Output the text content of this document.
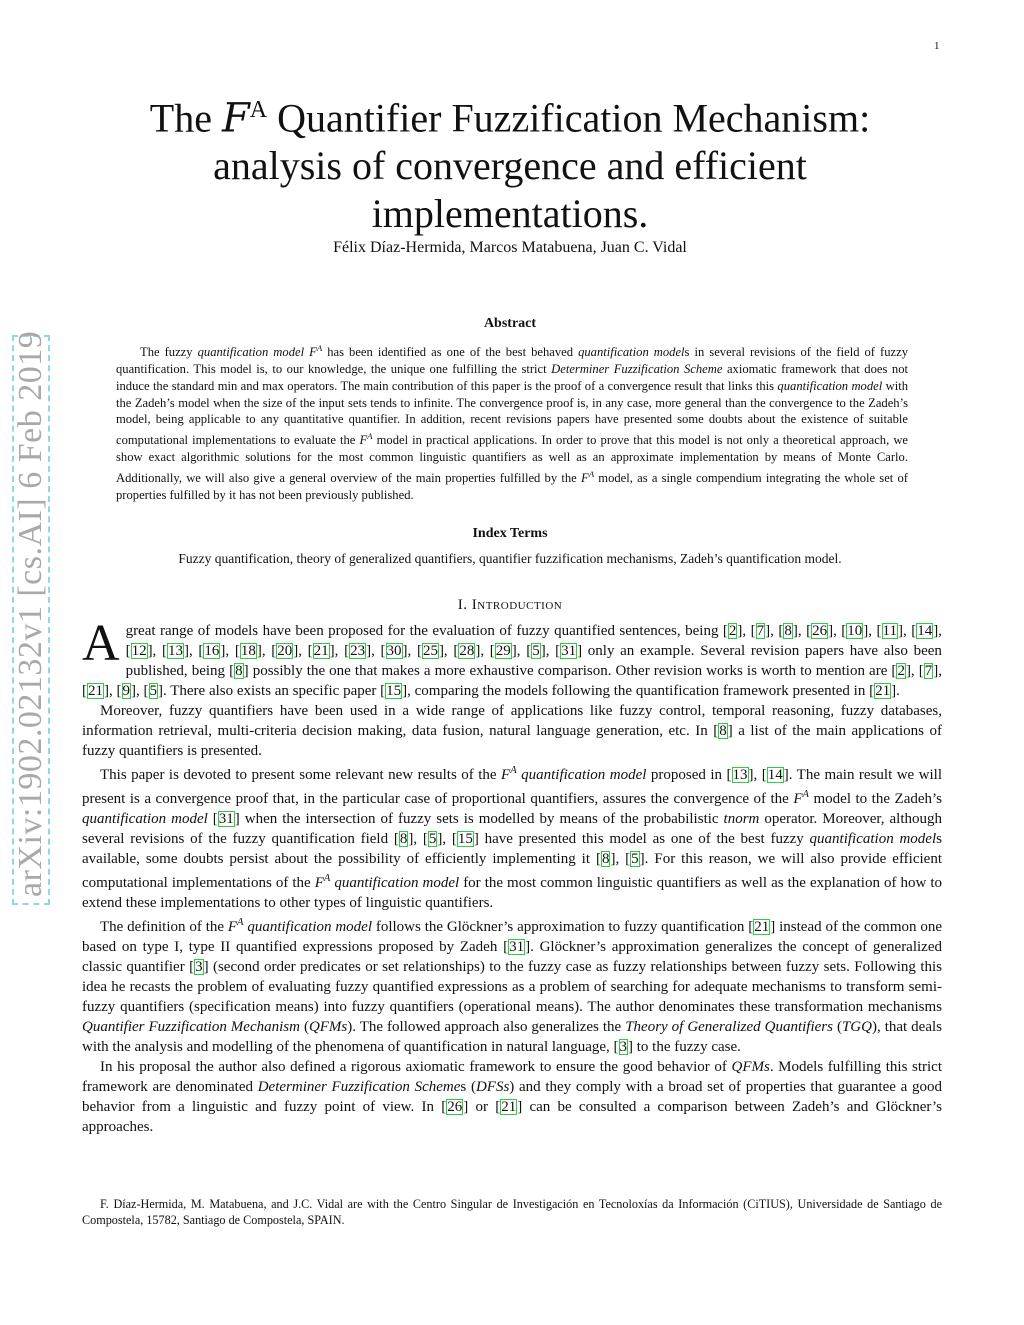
1
arXiv:1902.02132v1 [cs.AI] 6 Feb 2019
The $F^A$ Quantifier Fuzzification Mechanism: analysis of convergence and efficient implementations.
Félix Díaz-Hermida, Marcos Matabuena, Juan C. Vidal
Abstract

The fuzzy quantification model $F^A$ has been identified as one of the best behaved quantification models in several revisions of the field of fuzzy quantification. This model is, to our knowledge, the unique one fulfilling the strict Determiner Fuzzification Scheme axiomatic framework that does not induce the standard min and max operators. The main contribution of this paper is the proof of a convergence result that links this quantification model with the Zadeh’s model when the size of the input sets tends to infinite. The convergence proof is, in any case, more general than the convergence to the Zadeh’s model, being applicable to any quantitative quantifier. In addition, recent revisions papers have presented some doubts about the existence of suitable computational implementations to evaluate the $F^A$ model in practical applications. In order to prove that this model is not only a theoretical approach, we show exact algorithmic solutions for the most common linguistic quantifiers as well as an approximate implementation by means of Monte Carlo. Additionally, we will also give a general overview of the main properties fulfilled by the $F^A$ model, as a single compendium integrating the whole set of properties fulfilled by it has not been previously published.

Index Terms
Fuzzy quantification, theory of generalized quantifiers, quantifier fuzzification mechanisms, Zadeh’s quantification model.
I. Introduction

Agreat range of models have been proposed for the evaluation of fuzzy quantified sentences, being [2], [7], [8], [26], [10], [11], [14], [12], [13], [16], [18], [20], [21], [23], [30], [25], [28], [29], [5], [31] only an example. Several revision papers have also been published, being [8] possibly the one that makes a more exhaustive comparison. Other revision works is worth to mention are [2], [7], [21], [9], [5]. There also exists an specific paper [15], comparing the models following the quantification framework presented in [21].

Moreover, fuzzy quantifiers have been used in a wide range of applications like fuzzy control, temporal reasoning, fuzzy databases, information retrieval, multi-criteria decision making, data fusion, natural language generation, etc. In [8] a list of the main applications of fuzzy quantifiers is presented.

This paper is devoted to present some relevant new results of the $F^A$ quantification model proposed in [13], [14]. The main result we will present is a convergence proof that, in the particular case of proportional quantifiers, assures the convergence of the $F^A$ model to the Zadeh’s quantification model [31] when the intersection of fuzzy sets is modelled by means of the probabilistic tnorm operator. Moreover, although several revisions of the fuzzy quantification field [8], [5], [15] have presented this model as one of the best fuzzy quantification models available, some doubts persist about the possibility of efficiently implementing it [8], [5]. For this reason, we will also provide efficient computational implementations of the $F^A$ quantification model for the most common linguistic quantifiers as well as the explanation of how to extend these implementations to other types of linguistic quantifiers.

The definition of the $F^A$ quantification model follows the Glöckner’s approximation to fuzzy quantification [21] instead of the common one based on type I, type II quantified expressions proposed by Zadeh [31]. Glöckner’s approximation generalizes the concept of generalized classic quantifier [3] (second order predicates or set relationships) to the fuzzy case as fuzzy relationships between fuzzy sets. Following this idea he recasts the problem of evaluating fuzzy quantified expressions as a problem of searching for adequate mechanisms to transform semi-fuzzy quantifiers (specification means) into fuzzy quantifiers (operational means). The author denominates these transformation mechanisms Quantifier Fuzzification Mechanism (QFMs). The followed approach also generalizes the Theory of Generalized Quantifiers (TGQ), that deals with the analysis and modelling of the phenomena of quantification in natural language, [3] to the fuzzy case.

In his proposal the author also defined a rigorous axiomatic framework to ensure the good behavior of QFMs. Models fulfilling this strict framework are denominated Determiner Fuzzification Schemes (DFSs) and they comply with a broad set of properties that guarantee a good behavior from a linguistic and fuzzy point of view. In [26] or [21] can be consulted a comparison between Zadeh’s and Glöckner’s approaches.

F. Díaz-Hermida, M. Matabuena, and J.C. Vidal are with the Centro Singular de Investigación en Tecnoloxías da Información (CiTIUS), Universidade de Santiago de Compostela, 15782, Santiago de Compostela, SPAIN.
